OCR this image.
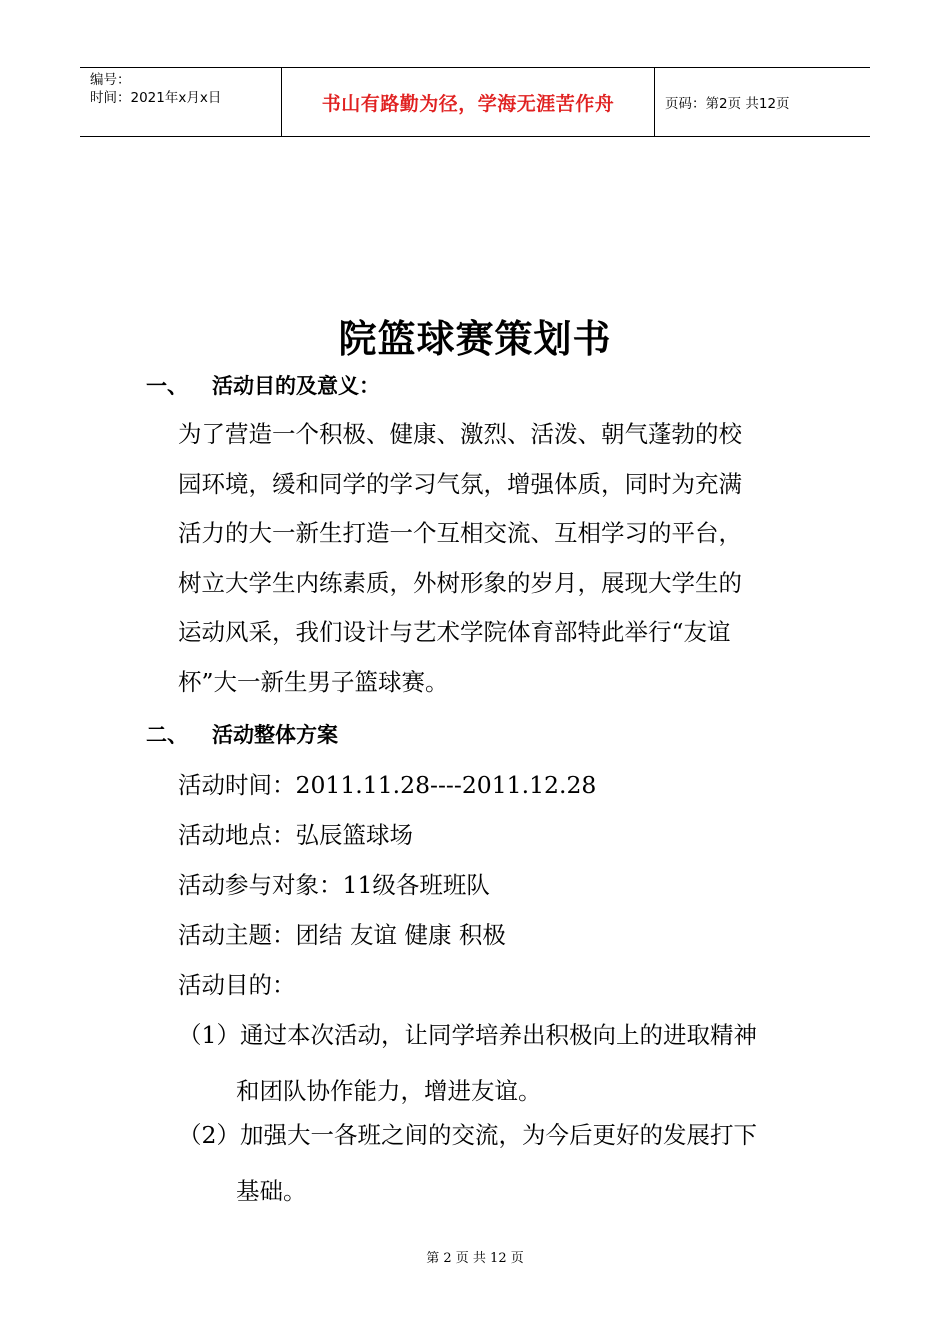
编号：
时间：2021年x月x日	书山有路勤为径，学海无涯苦作舟	页码：第2页 共12页
院篮球赛策划书
一、 活动目的及意义：
为了营造一个积极、健康、激烈、活泼、朝气蓬勃的校
园环境，缓和同学的学习气氛，增强体质，同时为充满
活力的大一新生打造一个互相交流、互相学习的平台，
树立大学生内练素质，外树形象的岁月，展现大学生的
运动风采，我们设计与艺术学院体育部特此举行“友谊
杯”大一新生男子篮球赛。
二、 活动整体方案
活动时间：2011.11.28----2011.12.28
活动地点：弘辰篮球场
活动参与对象：11级各班班队
活动主题：团结 友谊 健康 积极
活动目的：
（1）通过本次活动，让同学培养出积极向上的进取精神
和团队协作能力，增进友谊。
（2）加强大一各班之间的交流，为今后更好的发展打下
基础。
第 2 页 共 12 页
